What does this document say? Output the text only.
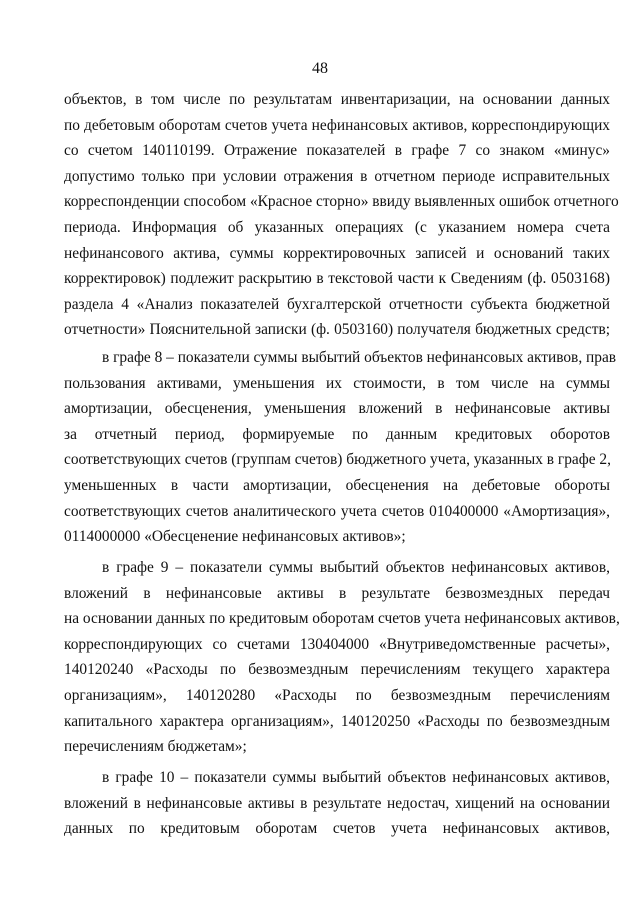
48
объектов, в том числе по результатам инвентаризации, на основании данных
по дебетовым оборотам счетов учета нефинансовых активов, корреспондирующих
со счетом 140110199. Отражение показателей в графе 7 со знаком «минус»
допустимо только при условии отражения в отчетном периоде исправительных
корреспонденции способом «Красное сторно» ввиду выявленных ошибок отчетного
периода. Информация об указанных операциях (с указанием номера счета
нефинансового актива, суммы корректировочных записей и оснований таких
корректировок) подлежит раскрытию в текстовой части к Сведениям (ф. 0503168)
раздела 4 «Анализ показателей бухгалтерской отчетности субъекта бюджетной
отчетности» Пояснительной записки (ф. 0503160) получателя бюджетных средств;
в графе 8 – показатели суммы выбытий объектов нефинансовых активов, прав
пользования активами, уменьшения их стоимости, в том числе на суммы
амортизации, обесценения, уменьшения вложений в нефинансовые активы
за отчетный период, формируемые по данным кредитовых оборотов
соответствующих счетов (группам счетов) бюджетного учета, указанных в графе 2,
уменьшенных в части амортизации, обесценения на дебетовые обороты
соответствующих счетов аналитического учета счетов 010400000 «Амортизация»,
0114000000 «Обесценение нефинансовых активов»;
в графе 9 – показатели суммы выбытий объектов нефинансовых активов,
вложений в нефинансовые активы в результате безвозмездных передач
на основании данных по кредитовым оборотам счетов учета нефинансовых активов,
корреспондирующих со счетами 130404000 «Внутриведомственные расчеты»,
140120240 «Расходы по безвозмездным перечислениям текущего характера
организациям», 140120280 «Расходы по безвозмездным перечислениям
капитального характера организациям», 140120250 «Расходы по безвозмездным
перечислениям бюджетам»;
в графе 10 – показатели суммы выбытий объектов нефинансовых активов,
вложений в нефинансовые активы в результате недостач, хищений на основании
данных по кредитовым оборотам счетов учета нефинансовых активов,
